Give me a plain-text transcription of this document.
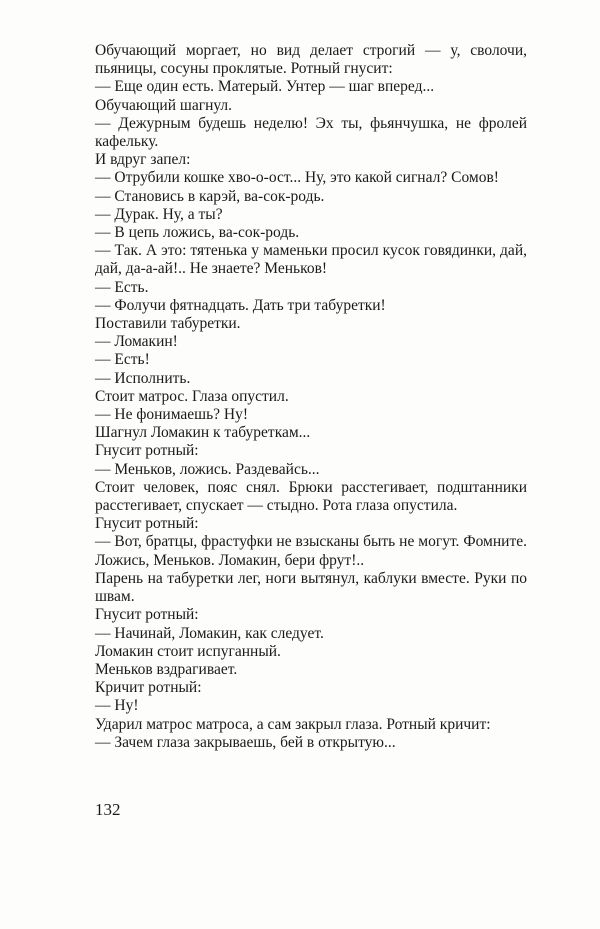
Обучающий моргает, но вид делает строгий — у, сволочи, пьяницы, сосуны проклятые. Ротный гнусит:

— Еще один есть. Матерый. Унтер — шаг вперед...

Обучающий шагнул.

— Дежурным будешь неделю! Эх ты, фьянчушка, не фролей кафельку.

И вдруг запел:

— Отрубили кошке хво-о-ост... Ну, это какой сигнал? Сомов!

— Становись в карэй, ва-сок-родь.

— Дурак. Ну, а ты?

— В цепь ложись, ва-сок-родь.

— Так. А это: тятенька у маменьки просил кусок говядинки, дай, дай, да-а-ай!.. Не знаете? Меньков!

— Есть.

— Фолучи фятнадцать. Дать три табуретки!

Поставили табуретки.

— Ломакин!

— Есть!

— Исполнить.

Стоит матрос. Глаза опустил.

— Не фонимаешь? Ну!

Шагнул Ломакин к табуреткам...

Гнусит ротный:

— Меньков, ложись. Раздевайсь...

Стоит человек, пояс снял. Брюки расстегивает, подштанники расстегивает, спускает — стыдно. Рота глаза опустила.

Гнусит ротный:

— Вот, братцы, фрастуфки не взысканы быть не могут. Фомните. Ложись, Меньков. Ломакин, бери фрут!..

Парень на табуретки лег, ноги вытянул, каблуки вместе. Руки по швам.

Гнусит ротный:

— Начинай, Ломакин, как следует.

Ломакин стоит испуганный.

Меньков вздрагивает.

Кричит ротный:

— Ну!

Ударил матрос матроса, а сам закрыл глаза. Ротный кричит:

— Зачем глаза закрываешь, бей в открытую...

132
